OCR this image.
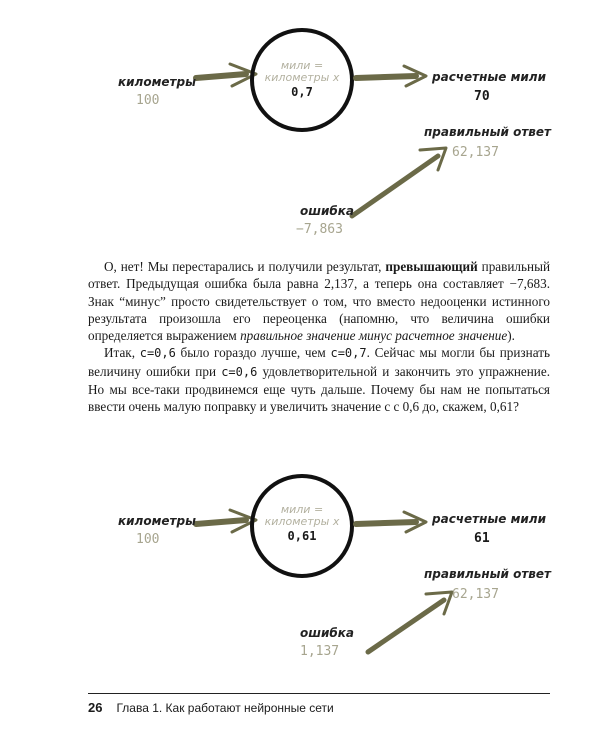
километры
100
мили =
километры x
0,7
расчетные мили
70
правильный ответ
62,137
ошибка
−7,863

О, нет! Мы перестарались и получили результат, превышающий правильный ответ. Предыдущая ошибка была равна 2,137, а теперь она составляет −7,683. Знак “минус” просто свидетельствует о том, что вместо недооценки истинного результата произошла его переоценка (напомню, что величина ошибки определяется выражением правильное значение минус расчетное значение).

Итак, с=0,6 было гораздо лучше, чем с=0,7. Сейчас мы могли бы признать величину ошибки при с=0,6 удовлетворительной и закончить это упражнение. Но мы все-таки продвинемся еще чуть дальше. Почему бы нам не попытаться ввести очень малую поправку и увеличить значение с с 0,6 до, скажем, 0,61?

километры
100
мили =
километры x
0,61
расчетные мили
61
правильный ответ
62,137
ошибка
1,137
26 Глава 1. Как работают нейронные сети
